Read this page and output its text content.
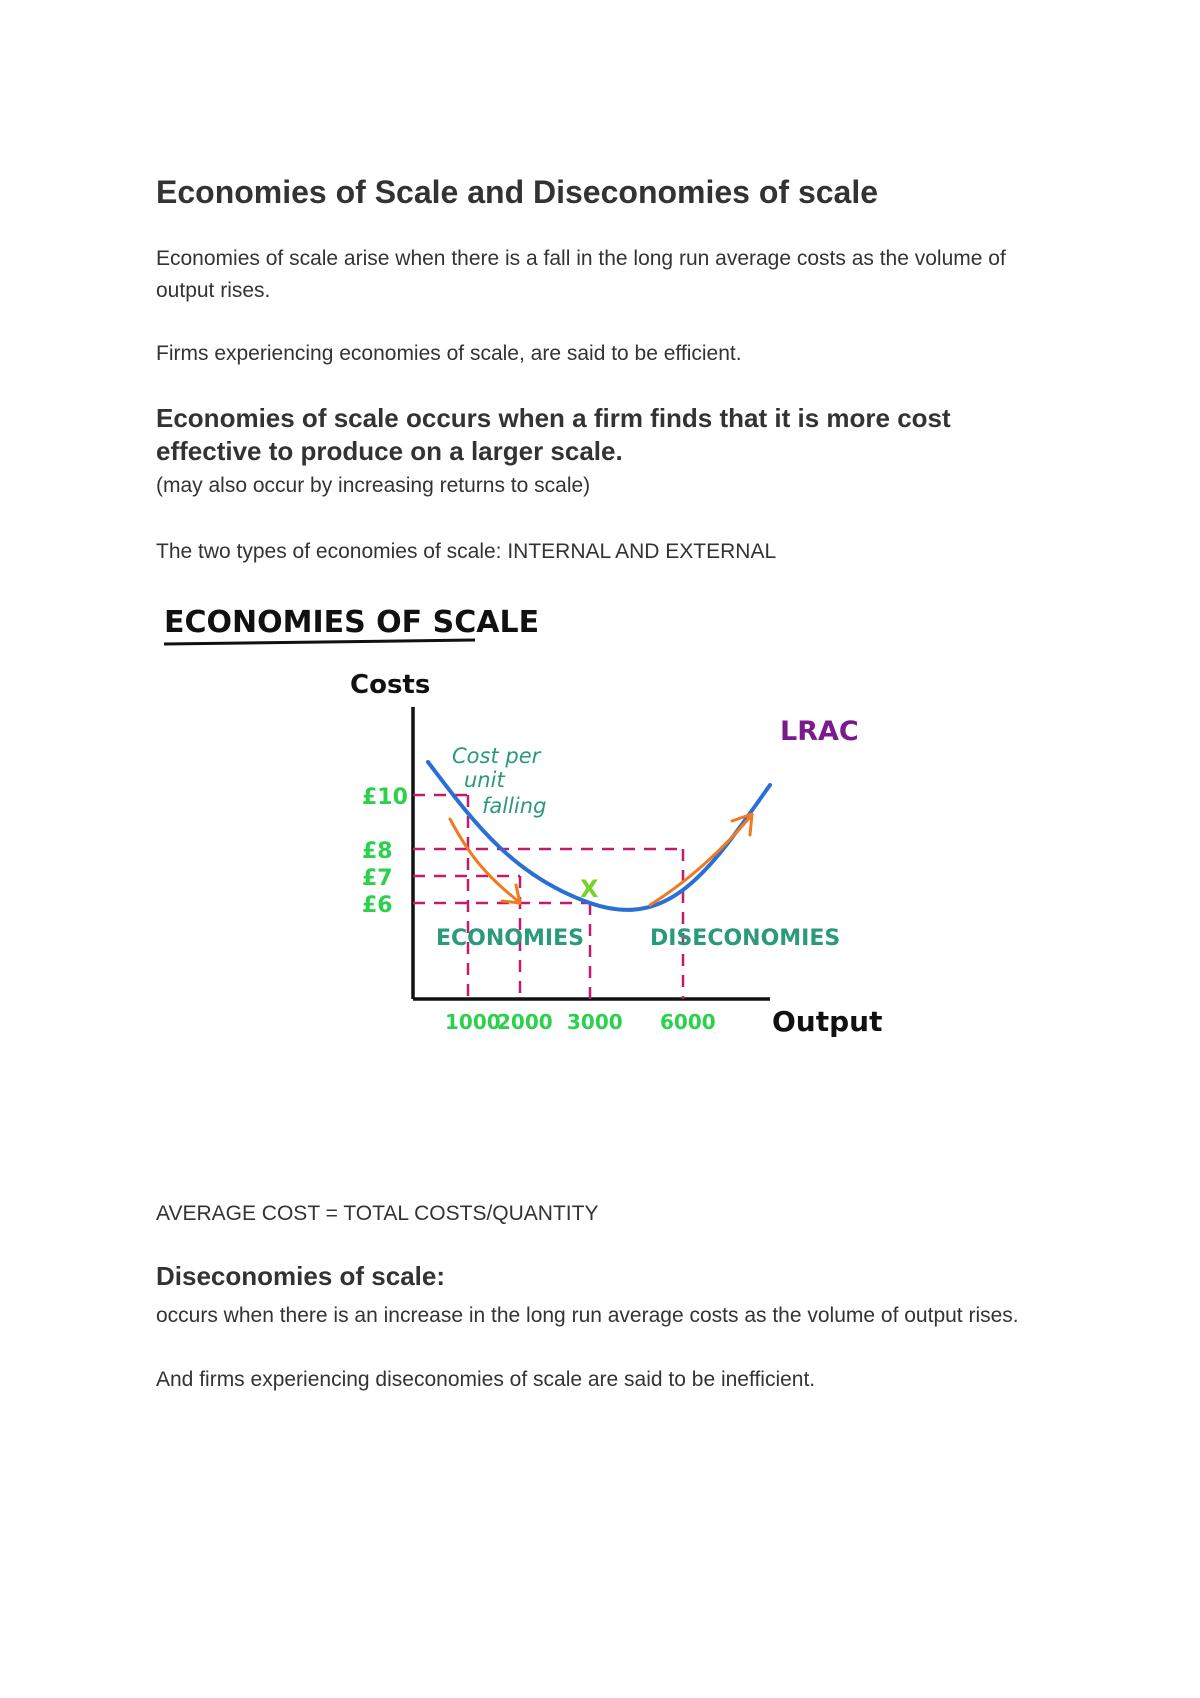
Economies of Scale and Diseconomies of scale

Economies of scale arise when there is a fall in the long run average costs as the volume of output rises.

Firms experiencing economies of scale, are said to be efficient.

Economies of scale occurs when a firm finds that it is more cost effective to produce on a larger scale.

(may also occur by increasing returns to scale)

The two types of economies of scale: INTERNAL AND EXTERNAL

ECONOMIES OF SCALE
Costs
Output
LRAC
£10
£8
£7
£6
1000
2000 3000 6000
Cost per
unit
falling
X
ECONOMIES	DISECONOMIES

AVERAGE COST = TOTAL COSTS/QUANTITY

Diseconomies of scale:

occurs when there is an increase in the long run average costs as the volume of output rises.

And firms experiencing diseconomies of scale are said to be inefficient.
